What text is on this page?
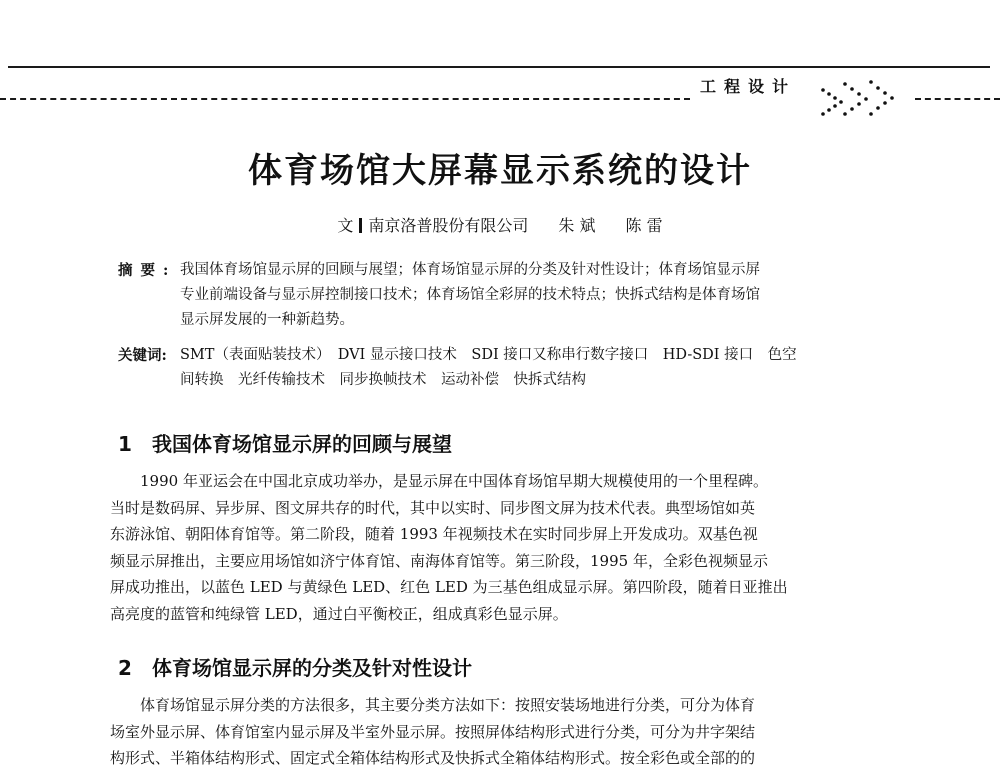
工程设计
体育场馆大屏幕显示系统的设计
文 南京洛普股份有限公司 朱 斌 陈 雷
摘要: 我国体育场馆显示屏的回顾与展望；体育场馆显示屏的分类及针对性设计；体育场馆显示屏
专业前端设备与显示屏控制接口技术；体育场馆全彩屏的技术特点；快拆式结构是体育场馆
显示屏发展的一种新趋势。
关键词: SMT（表面贴装技术）　DVI 显示接口技术　SDI 接口又称串行数字接口　HD-SDI 接口　色空
间转换　光纤传输技术　同步换帧技术　运动补偿　快拆式结构
1 我国体育场馆显示屏的回顾与展望
　　1990 年亚运会在中国北京成功举办，是显示屏在中国体育场馆早期大规模使用的一个里程碑。
当时是数码屏、异步屏、图文屏共存的时代，其中以实时、同步图文屏为技术代表。典型场馆如英
东游泳馆、朝阳体育馆等。第二阶段，随着 1993 年视频技术在实时同步屏上开发成功。双基色视
频显示屏推出，主要应用场馆如济宁体育馆、南海体育馆等。第三阶段，1995 年，全彩色视频显示
屏成功推出，以蓝色 LED 与黄绿色 LED、红色 LED 为三基色组成显示屏。第四阶段，随着日亚推出
高亮度的蓝管和纯绿管 LED，通过白平衡校正，组成真彩色显示屏。
2 体育场馆显示屏的分类及针对性设计
　　体育场馆显示屏分类的方法很多，其主要分类方法如下：按照安装场地进行分类，可分为体育
场室外显示屏、体育馆室内显示屏及半室外显示屏。按照屏体结构形式进行分类，可分为井字架结
构形式、半箱体结构形式、固定式全箱体结构形式及快拆式全箱体结构形式。按全彩色或全部的的
